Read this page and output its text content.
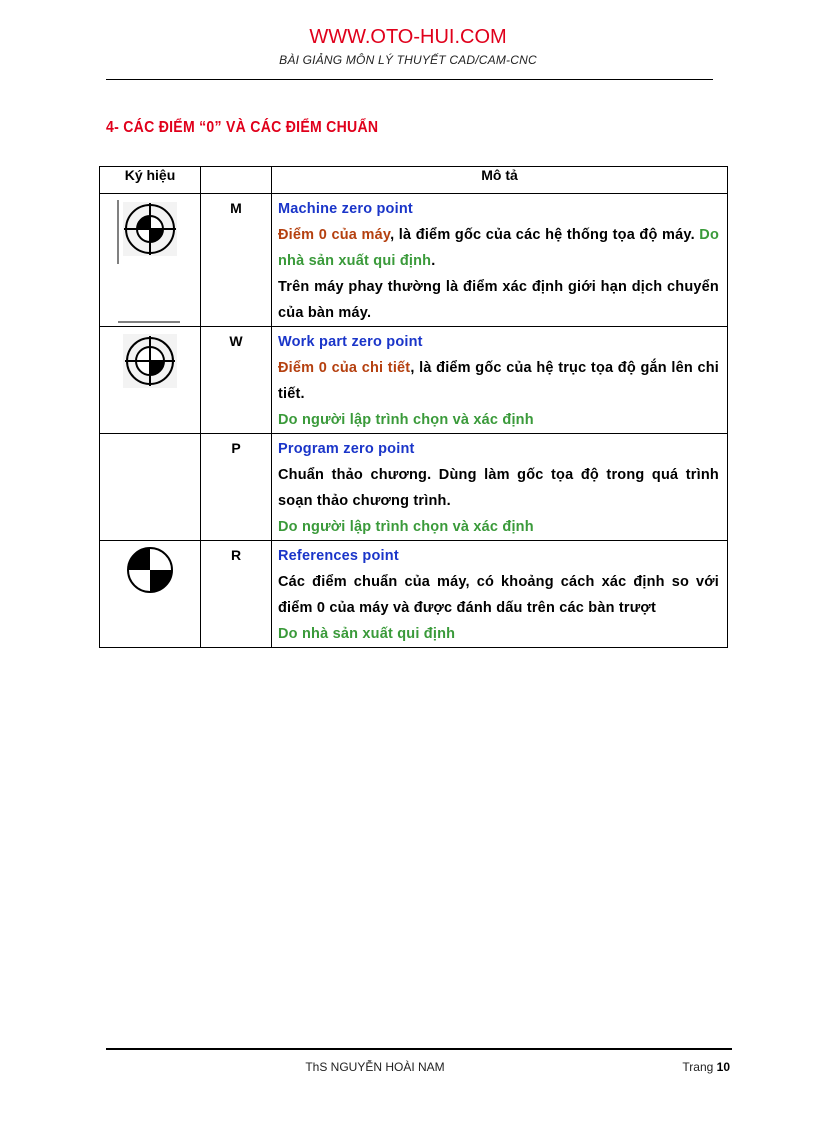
WWW.OTO-HUI.COM
BÀI GIẢNG MÔN LÝ THUYẾT CAD/CAM-CNC
4- CÁC ĐIỂM “0” VÀ CÁC ĐIỂM CHUẨN
Ký hiệu		Mô tả

	M	Machine zero point

Điểm 0 của máy, là điểm gốc của các hệ thống tọa độ máy. Do nhà sản xuất qui định.

Trên máy phay thường là điểm xác định giới hạn dịch chuyển của bàn máy.

	W	Work part zero point

Điểm 0 của chi tiết, là điểm gốc của hệ trục tọa độ gắn lên chi tiết.

Do người lập trình chọn và xác định

	P	Program zero point

Chuẩn thảo chương. Dùng làm gốc tọa độ trong quá trình soạn thảo chương trình.

Do người lập trình chọn và xác định

	R	References point

Các điểm chuẩn của máy, có khoảng cách xác định so với điểm 0 của máy và được đánh dấu trên các bàn trượt

Do nhà sản xuất qui định

ThS NGUYỄN HOÀI NAM	Trang 10
